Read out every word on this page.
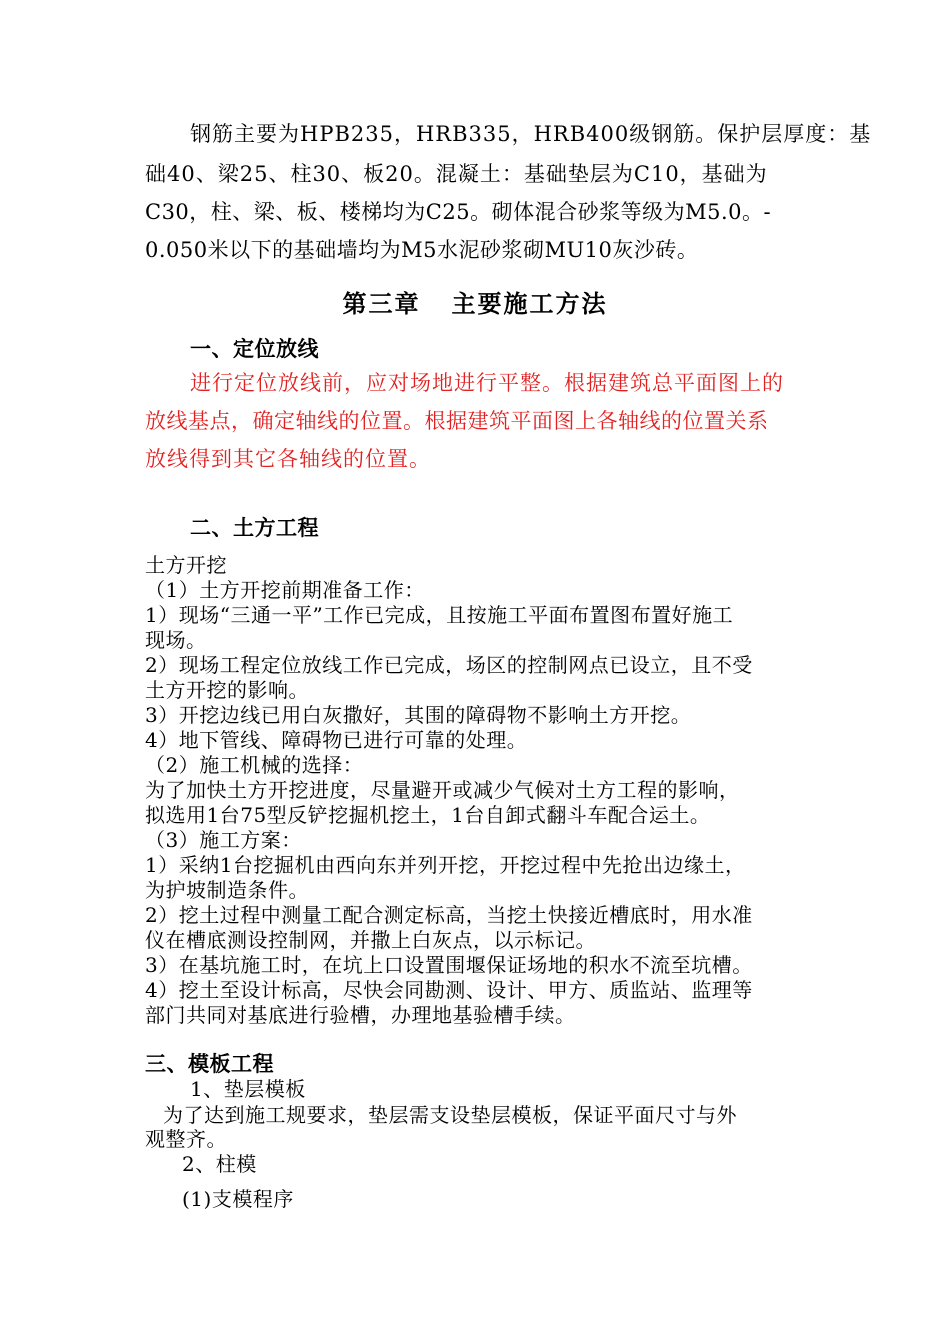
钢筋主要为HPB235，HRB335，HRB400级钢筋。保护层厚度：基

础40、梁25、柱30、板20。混凝土：基础垫层为C10，基础为

C30，柱、梁、板、楼梯均为C25。砌体混合砂浆等级为M5.0。-

0.050米以下的基础墙均为M5水泥砂浆砌MU10灰沙砖。

第三章   主要施工方法

一、定位放线

进行定位放线前，应对场地进行平整。根据建筑总平面图上的

放线基点，确定轴线的位置。根据建筑平面图上各轴线的位置关系

放线得到其它各轴线的位置。

二、土方工程

土方开挖

（1）土方开挖前期准备工作：

1）现场“三通一平”工作已完成，且按施工平面布置图布置好施工

现场。

2）现场工程定位放线工作已完成，场区的控制网点已设立，且不受

土方开挖的影响。

3）开挖边线已用白灰撒好，其围的障碍物不影响土方开挖。

4）地下管线、障碍物已进行可靠的处理。

（2）施工机械的选择：

为了加快土方开挖进度，尽量避开或减少气候对土方工程的影响，

拟选用1台75型反铲挖掘机挖土，1台自卸式翻斗车配合运土。

（3）施工方案：

1）采纳1台挖掘机由西向东并列开挖，开挖过程中先抢出边缘土，

为护坡制造条件。

2）挖土过程中测量工配合测定标高，当挖土快接近槽底时，用水准

仪在槽底测设控制网，并撒上白灰点，以示标记。

3）在基坑施工时，在坑上口设置围堰保证场地的积水不流至坑槽。

4）挖土至设计标高，尽快会同勘测、设计、甲方、质监站、监理等

部门共同对基底进行验槽，办理地基验槽手续。

三、模板工程

1、垫层模板

为了达到施工规要求，垫层需支设垫层模板，保证平面尺寸与外

观整齐。

2、柱模

(1)支模程序
